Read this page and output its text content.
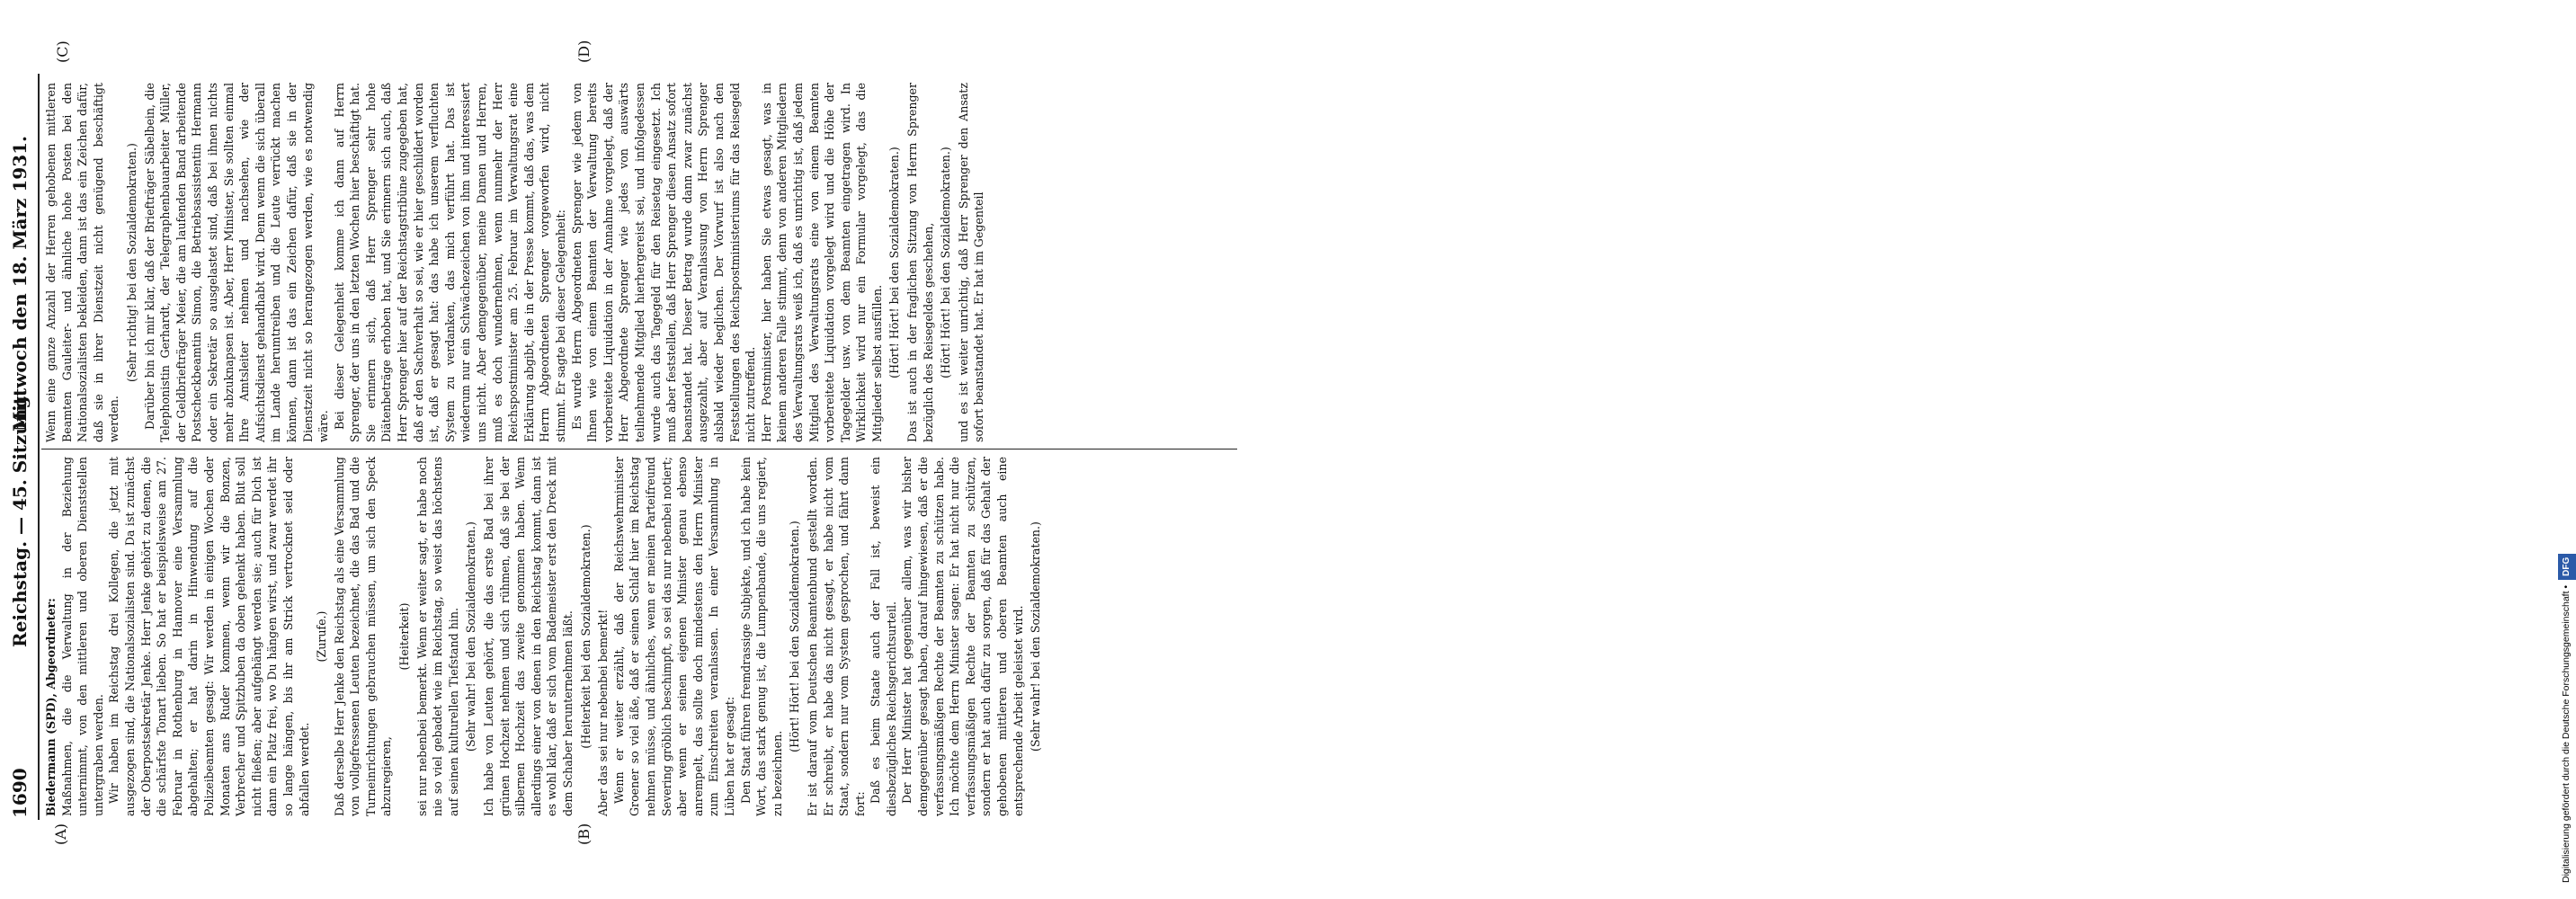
1690
Reichstag. — 45. Sitzung.
Mittwoch den 18. März 1931.
(A)	(B)
(C)	(D)

Biedermann (SPD), Abgeordneter: Maßnahmen, die die Verwaltung in der Beziehung unternimmt, von den mittleren und oberen Dienststellen untergraben werden. Wir haben im Reichstag drei Kollegen, die jetzt mit ausgezogen sind, die Nationalsozialisten sind. Da ist zunächst der Oberpostsekretär Jenke. Herr Jenke gehört zu denen, die die schärfste Tonart lieben. So hat er beispielsweise am 27. Februar in Rothenburg in Hannover eine Versammlung abgehalten; er hat darin in Hinwendung auf die Polizeibeamten gesagt: Wir werden in einigen Wochen oder Monaten ans Ruder kommen, wenn wir die Bonzen, Verbrecher und Spitzbuben da oben gehenkt haben. Blut soll nicht fließen; aber aufgehängt werden sie; auch für Dich ist dann ein Platz frei, wo Du hängen wirst, und zwar werdet ihr so lange hängen, bis ihr am Strick vertrocknet seid oder abfallen werdet.

(Zurufe.) Daß derselbe Herr Jenke den Reichstag als eine Versammlung von vollgefressenen Leuten bezeichnet, die das Bad und die Turneinrichtungen gebrauchen müssen, um sich den Speck abzuregieren,

(Heiterkeit) sei nur nebenbei bemerkt. Wenn er weiter sagt, er habe noch nie so viel gebadet wie im Reichstag, so weist das höchstens auf seinen kulturellen Tiefstand hin. (Sehr wahr! bei den Sozialdemokraten.) Ich habe von Leuten gehört, die das erste Bad bei ihrer grünen Hochzeit nehmen und sich rühmen, daß sie bei der silbernen Hochzeit das zweite genommen haben. Wenn allerdings einer von denen in den Reichstag kommt, dann ist es wohl klar, daß er sich vom Bademeister erst den Dreck mit dem Schaber herunternehmen läßt. (Heiterkeit bei den Sozialdemokraten.) Aber das sei nur nebenbei bemerkt! Wenn er weiter erzählt, daß der Reichswehrminister Groener so viel äße, daß er seinen Schlaf hier im Reichstag nehmen müsse, und ähnliches, wenn er meinen Parteifreund Severing gröblich beschimpft, so sei das nur nebenbei notiert; aber wenn er seinen eigenen Minister genau ebenso anrempelt, das sollte doch mindestens den Herrn Minister zum Einschreiten veranlassen. In einer Versammlung in Lüben hat er gesagt: Den Staat führen fremdrassige Subjekte, und ich habe kein Wort, das stark genug ist, die Lumpenbande, die uns regiert, zu bezeichnen.

(Hört! Hört! bei den Sozialdemokraten.) Er ist darauf vom Deutschen Beamtenbund gestellt worden. Er schreibt, er habe das nicht gesagt, er habe nicht vom Staat, sondern nur vom System gesprochen, und fährt dann fort:

Daß es beim Staate auch der Fall ist, beweist ein diesbezügliches Reichsgerichtsurteil. Der Herr Minister hat gegenüber allem, was wir bisher demgegenüber gesagt haben, darauf hingewiesen, daß er die verfassungsmäßigen Rechte der Beamten zu schützen habe. Ich möchte dem Herrn Minister sagen: Er hat nicht nur die verfassungsmäßigen Rechte der Beamten zu schützen, sondern er hat auch dafür zu sorgen, daß für das Gehalt der gehobenen mittleren und oberen Beamten auch eine entsprechende Arbeit geleistet wird. (Sehr wahr! bei den Sozialdemokraten.)

Wenn eine ganze Anzahl der Herren gehobenen mittleren Beamten Gauleiter- und ähnliche hohe Posten bei den Nationalsozialisten bekleiden, dann ist das ein Zeichen dafür, daß sie in ihrer Dienstzeit nicht genügend beschäftigt werden.

(Sehr richtig! bei den Sozialdemokraten.) Darüber bin ich mir klar, daß der Briefträger Säbelbein, die Telephonistin Gerhardt, der Telegraphenbauarbeiter Müller, der Geldbriefträger Meier, die am laufenden Band arbeitende Postscheckbeamtin Simon, die Betriebsassistentin Hermann oder ein Sekretär so ausgelastet sind, daß bei ihnen nichts mehr abzuknapsen ist. Aber, Herr Minister, Sie sollten einmal Ihre Amtsleiter nehmen und nachsehen, wie der Aufsichtsdienst gehandhabt wird. Denn wenn die sich überall im Lande herumtreiben und die Leute verrückt machen können, dann ist das ein Zeichen dafür, daß sie in der Dienstzeit nicht so herangezogen werden, wie es notwendig wäre. Bei dieser Gelegenheit komme ich dann auf Herrn Sprenger, der uns in den letzten Wochen hier beschäftigt hat. Sie erinnern sich, daß Herr Sprenger sehr hohe Diätenbeträge erhoben hat, und Sie erinnern sich auch, daß Herr Sprenger hier auf der Reichstagstribüne zugegeben hat, daß er den Sachverhalt so sei, wie er hier geschildert worden ist, daß er gesagt hat: das habe ich unserem verfluchten System zu verdanken, das mich verführt hat. Das ist wiederum nur ein Schwächezeichen von ihm und interessiert uns nicht. Aber demgegenüber, meine Damen und Herren, muß es doch wundernehmen, wenn nunmehr der Herr Reichspostminister am 25. Februar im Verwaltungsrat eine Erklärung abgibt, die in der Presse kommt, daß das, was dem Herrn Abgeordneten Sprenger vorgeworfen wird, nicht stimmt. Er sagte bei dieser Gelegenheit: Es wurde Herrn Abgeordneten Sprenger wie jedem von Ihnen wie von einem Beamten der Verwaltung bereits vorbereitete Liquidation in der Annahme vorgelegt, daß der Herr Abgeordnete Sprenger wie jedes von auswärts teilnehmende Mitglied hierhergereist sei, und infolgedessen wurde auch das Tagegeld für den Reisetag eingesetzt. Ich muß aber feststellen, daß Herr Sprenger diesen Ansatz sofort beanstandet hat. Dieser Betrag wurde dann zwar zunächst ausgezahlt, aber auf Veranlassung von Herrn Sprenger alsbald wieder beglichen. Der Vorwurf ist also nach den Feststellungen des Reichspostministeriums für das Reisegeld nicht zutreffend. Herr Postminister, hier haben Sie etwas gesagt, was in keinem anderen Falle stimmt, denn von anderen Mitgliedern des Verwaltungsrats weiß ich, daß es unrichtig ist, daß jedem Mitglied des Verwaltungsrats eine von einem Beamten vorbereitete Liquidation vorgelegt wird und die Höhe der Tagegelder usw. von dem Beamten eingetragen wird. In Wirklichkeit wird nur ein Formular vorgelegt, das die Mitglieder selbst ausfüllen. (Hört! Hört! bei den Sozialdemokraten.) Das ist auch in der fraglichen Sitzung von Herrn Sprenger bezüglich des Reisegeldes geschehen, (Hört! Hört! bei den Sozialdemokraten.) und es ist weiter unrichtig, daß Herr Sprenger den Ansatz sofort beanstandet hat. Er hat im Gegenteil

Digitalisierung gefördert durch die Deutsche Forschungsgemeinschaft •DFG
